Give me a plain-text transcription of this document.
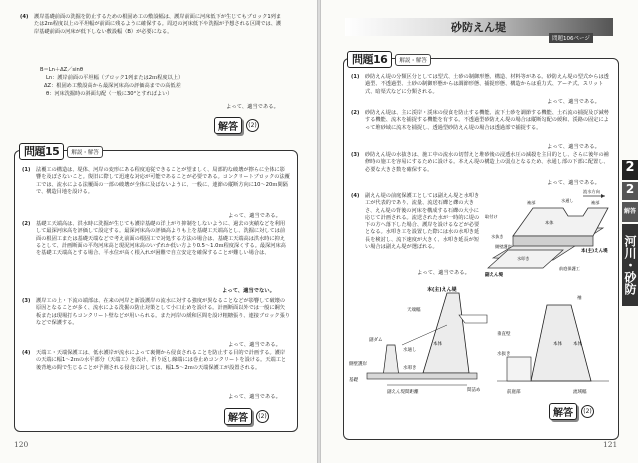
(4) 護岸基礎前面の洗掘を防止するための根固め工の敷設幅は、護岸前面に河床低下が生じてもブロック1列または2ｍ程度以上の平坦幅が前面に残るように確保する。周辺の河床低下や洗掘が予想される区間では、護岸基礎前面の河床が低下しない敷設幅（B）が必要になる。
B＝Ln＋ΔZ／sinθ
Ln：護岸前面の平坦幅（ブロック1列または2ｍ程度以上）
ΔZ：根固め工敷設高から最深河床高の評価高までの高低差
θ：河床洗掘時の斜面勾配（一般に30°とすればよい）
よって、適当である。
解答	(2)
問題15	解説・解答
(1) 法覆工の構造は、堤体、河岸の変形にある程度追従できることが望ましく、局部的な破壊が擦らに全体に影響を及ぼさないこと。復旧に際して迅速な対応が可能であることが必要である。コンクリートブロックの法覆工では、流水による法覆面の一部の破壊が全体に及ばないように、一般に、連節の縦断方向に10～20ｍ間隔で、構造目地を設ける。
よって、適当である。
(2) 基礎工天端高は、洪水時に洗掘が生じても護岸基礎の洋上がり抑制をしないように、過去の実績などを利用して最深河床高を評価して設定する。最深河床高の評価高よりも上を基礎工天端高とし、洗掘に対しては前面の根固工または基礎天端などで考え前面の根固工で対処する方法の場合は、基礎工天端高は洪水時に抑えるとして、計画断面の平均河床高と現況河床高のいずれか低い方より0.5～1.0ｍ程度深くする。最深河床高を基礎工天端高とする場合、平水位が高く根入れが困難で自立安定を確保することが難しい場合は、
よって、適当でない。
(3) 護岸工の上・下流の端部は、在来の河岸と新設護岸の流水に対する強度が異なることなどが影響して破壊の原因となることが多く、流水による洗掘の防止対策として小口止めを設ける。計画断面以外では一般に鋼矢板または現場打ちコンクリート壁などが用いられる。また河岸の緩和区間を設け粗糖張り、連接ブロック張りなどで保護する。
よって、適当である。
(4) 天端工・天端保護工は、低水護岸が流水によって裏側から侵食されることを防止する目的で計画する。護岸の天端に幅1～2ｍの水平部分（天端工）を設け、折り返し線端には巻止めコンクリートを設ける。天端工と後背地の間で生じることが予測される侵食に対しては、幅1.5～2ｍの天端保護工が設置される。
よって、適当である。
解答	(2)
120
砂防えん堤
問題106ページ
問題16	解説・解答
(1) 砂防えん堤の分類区分としては型式、土砂の制御形態、構造、材料等がある。砂防えん堤の型式からは透過型、不透過型、土砂の制御形態からは調節形態、捕捉形態、構造からは重力式、アーチ式、スリット式、暗渠式などに分類される。
よって、適当である。
(2) 砂防えん堤は、主に渓岸・渓床の侵食を防止する機能、流下土砂を調節する機能、土石流の捕捉及び減勢する機能、流木を捕捉する機能を有する。不透過型砂防えん堤の場合は縦断勾配の緩和、渓路の固定によって堆砂域に流木を捕捉し、透過型砂防えん堤の場合は透過部で捕捉する。
よって、適当である。
(3) 砂防えん堤の水抜きは、施工中の流水の切替えと堆砂後の浸透水圧の減殺を主目的とし、さらに後年の補修時の施工を容易にするために設ける。本えん堤の構造上の弱点となるため、水通し部の下部に配置し、必要な大きさ数を確保する。
よって、適当である。
(4) 副えん堤の前庭保護工としては副えん堤と水叩き工が代表的であり、流量、流送石礫と礫の大きさ、えん堤の背後の河床を構成する石礫の大小に応じて計画される。流送された水が一時的に堤の下の方へ落下した場合、護岸を設けるなどが必要となる。水叩き工を設置した際には水の水叩き延長を検討し、流下速度が大きく、水叩き延長が短い場合は副えん堤が選ばれる。
よって、適当である。
袖部	水通し
本体
副えん堤
袖部
本(主)えん堤
前庭保護工
取付け
流水方向
水抜き
側壁護岸
水叩き
本(主)えん堤
副ダム
天端幅
水叩き
水通し
基礎
本体
副えん堤間距離	間詰め
側壁護岸
袖
垂直壁
水抜き
本体
前庭部	流域幅
本体
解答	(2)
121
2
2
解答
河川・砂防
